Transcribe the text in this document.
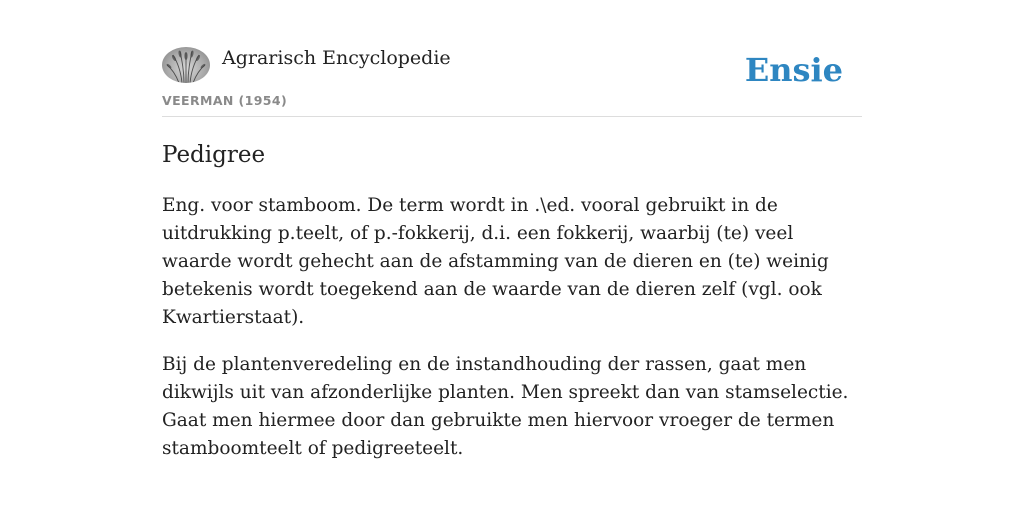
Agrarisch Encyclopedie
VEERMAN (1954)
Ensie
Pedigree

Eng. voor stamboom. De term wordt in .\ed. vooral gebruikt in de uitdrukking p.teelt, of p.-fokkerij, d.i. een fokkerij, waarbij (te) veel waarde wordt gehecht aan de afstamming van de dieren en (te) weinig betekenis wordt toegekend aan de waarde van de dieren zelf (vgl. ook Kwartierstaat).

Bij de plantenveredeling en de instandhouding der rassen, gaat men dikwijls uit van afzonderlijke planten. Men spreekt dan van stamselectie. Gaat men hiermee door dan gebruikte men hiervoor vroeger de termen stamboomteelt of pedigreeteelt.
